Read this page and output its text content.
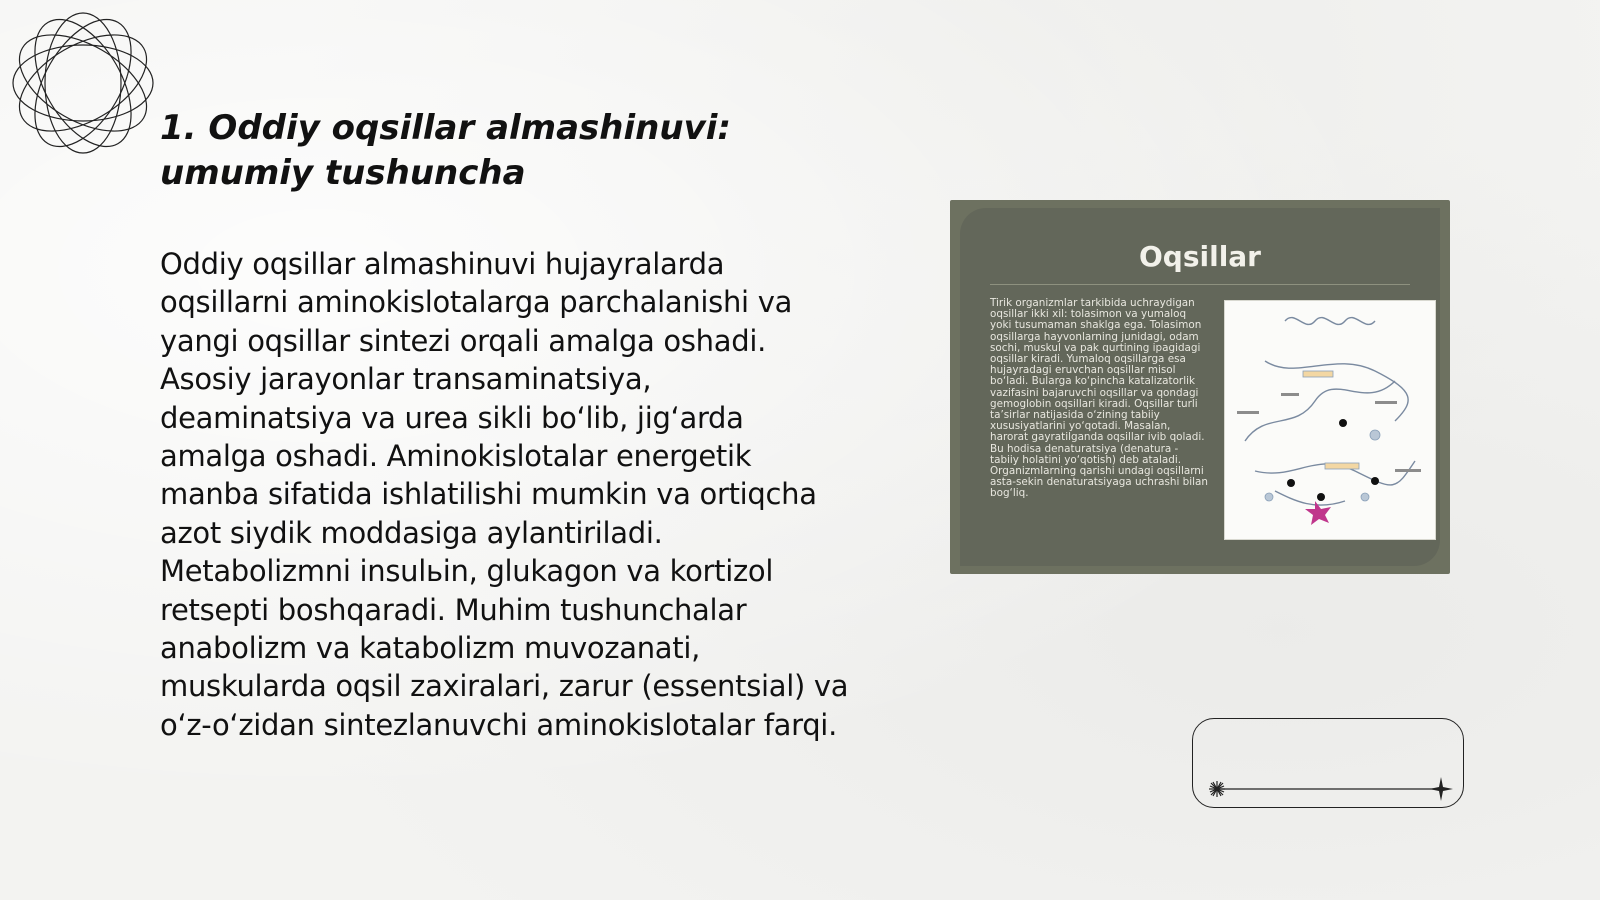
1. Oddiy oqsillar almashinuvi: umumiy tushuncha

Oddiy oqsillar almashinuvi hujayralarda oqsillarni aminokislotalarga parchalanishi va yangi oqsillar sintezi orqali amalga oshadi. Asosiy jarayonlar transaminatsiya, deaminatsiya va urea sikli bo‘lib, jig‘arda amalga oshadi. Aminokislotalar energetik manba sifatida ishlatilishi mumkin va ortiqcha azot siydik moddasiga aylantiriladi. Metabolizmni insulьin, glukagon va kortizol retsepti boshqaradi. Muhim tushunchalar anabolizm va katabolizm muvozanati, muskularda oqsil zaxiralari, zarur (essentsial) va o‘z-o‘zidan sintezlanuvchi aminokislotalar farqi.

Oqsillar
Tirik organizmlar tarkibida uchraydigan oqsillar ikki xil: tolasimon va yumaloq yoki tusumaman shaklga ega. Tolasimon oqsillarga hayvonlarning junidagi, odam sochi, muskul va pak qurtining ipagidagi oqsillar kiradi. Yumaloq oqsillarga esa hujayradagi eruvchan oqsillar misol bo‘ladi. Bularga ko‘pincha katalizatorlik vazifasini bajaruvchi oqsillar va qondagi gemoglobin oqsillari kiradi. Oqsillar turli ta’sirlar natijasida o‘zining tabiiy xususiyatlarini yo‘qotadi. Masalan, harorat gayratilganda oqsillar ivib qoladi. Bu hodisa denaturatsiya (denatura - tabiiy holatini yo‘qotish) deb ataladi. Organizmlarning qarishi undagi oqsillarni asta-sekin denaturatsiyaga uchrashi bilan bog‘liq.
